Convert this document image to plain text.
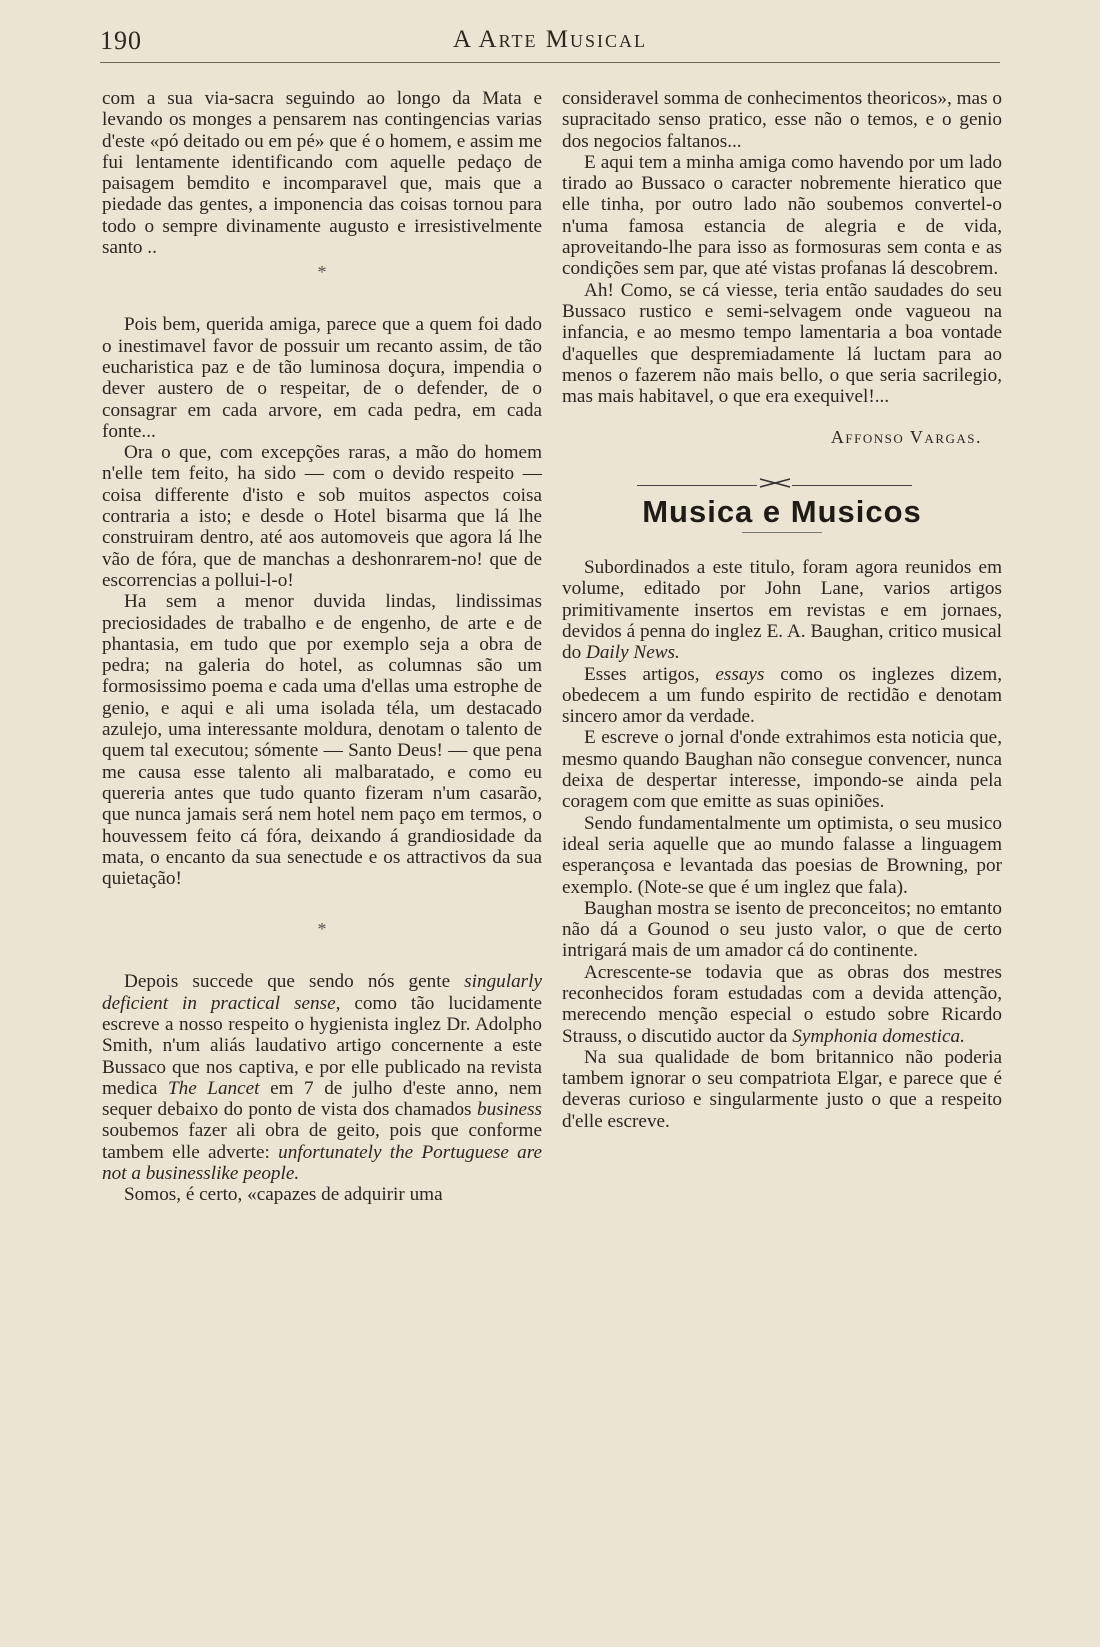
190	A Arte Musical

com a sua via-sacra seguindo ao longo da Mata e levando os monges a pensarem nas contingencias varias d'este «pó deitado ou em pé» que é o homem, e assim me fui lentamente identificando com aquelle pedaço de paisagem bemdito e incomparavel que, mais que a piedade das gentes, a imponencia das coisas tornou para todo o sempre divinamente augusto e irresistivelmente santo ..

*

Pois bem, querida amiga, parece que a quem foi dado o inestimavel favor de possuir um recanto assim, de tão eucharistica paz e de tão luminosa doçura, impendia o dever austero de o respeitar, de o defender, de o consagrar em cada arvore, em cada pedra, em cada fonte...

Ora o que, com excepções raras, a mão do homem n'elle tem feito, ha sido — com o devido respeito — coisa differente d'isto e sob muitos aspectos coisa contraria a isto; e desde o Hotel bisarma que lá lhe construiram dentro, até aos automoveis que agora lá lhe vão de fóra, que de manchas a deshonrarem-no! que de escorrencias a pollui-l-o!

Ha sem a menor duvida lindas, lindissimas preciosidades de trabalho e de engenho, de arte e de phantasia, em tudo que por exemplo seja a obra de pedra; na galeria do hotel, as columnas são um formosissimo poema e cada uma d'ellas uma estrophe de genio, e aqui e ali uma isolada téla, um destacado azulejo, uma interessante moldura, denotam o talento de quem tal executou; sómente — Santo Deus! — que pena me causa esse talento ali malbaratado, e como eu quereria antes que tudo quanto fizeram n'um casarão, que nunca jamais será nem hotel nem paço em termos, o houvessem feito cá fóra, deixando á grandiosidade da mata, o encanto da sua senectude e os attractivos da sua quietação!

*

Depois succede que sendo nós gente singularly deficient in practical sense, como tão lucidamente escreve a nosso respeito o hygienista inglez Dr. Adolpho Smith, n'um aliás laudativo artigo concernente a este Bussaco que nos captiva, e por elle publicado na revista medica The Lancet em 7 de julho d'este anno, nem sequer debaixo do ponto de vista dos chamados business soubemos fazer ali obra de geito, pois que conforme tambem elle adverte: unfortunately the Portuguese are not a businesslike people.

Somos, é certo, «capazes de adquirir uma

consideravel somma de conhecimentos theoricos», mas o supracitado senso pratico, esse não o temos, e o genio dos negocios faltanos...

E aqui tem a minha amiga como havendo por um lado tirado ao Bussaco o caracter nobremente hieratico que elle tinha, por outro lado não soubemos convertel-o n'uma famosa estancia de alegria e de vida, aproveitando-lhe para isso as formosuras sem conta e as condições sem par, que até vistas profanas lá descobrem.

Ah! Como, se cá viesse, teria então saudades do seu Bussaco rustico e semi-selvagem onde vagueou na infancia, e ao mesmo tempo lamentaria a boa vontade d'aquelles que despremiadamente lá luctam para ao menos o fazerem não mais bello, o que seria sacrilegio, mas mais habitavel, o que era exequivel!...

Affonso Vargas.
Musica e Musicos

Subordinados a este titulo, foram agora reunidos em volume, editado por John Lane, varios artigos primitivamente insertos em revistas e em jornaes, devidos á penna do inglez E. A. Baughan, critico musical do Daily News.

Esses artigos, essays como os inglezes dizem, obedecem a um fundo espirito de rectidão e denotam sincero amor da verdade.

E escreve o jornal d'onde extrahimos esta noticia que, mesmo quando Baughan não consegue convencer, nunca deixa de despertar interesse, impondo-se ainda pela coragem com que emitte as suas opiniões.

Sendo fundamentalmente um optimista, o seu musico ideal seria aquelle que ao mundo falasse a linguagem esperançosa e levantada das poesias de Browning, por exemplo. (Note-se que é um inglez que fala).

Baughan mostra se isento de preconceitos; no emtanto não dá a Gounod o seu justo valor, o que de certo intrigará mais de um amador cá do continente.

Acrescente-se todavia que as obras dos mestres reconhecidos foram estudadas com a devida attenção, merecendo menção especial o estudo sobre Ricardo Strauss, o discutido auctor da Symphonia domestica.

Na sua qualidade de bom britannico não poderia tambem ignorar o seu compatriota Elgar, e parece que é deveras curioso e singularmente justo o que a respeito d'elle escreve.
